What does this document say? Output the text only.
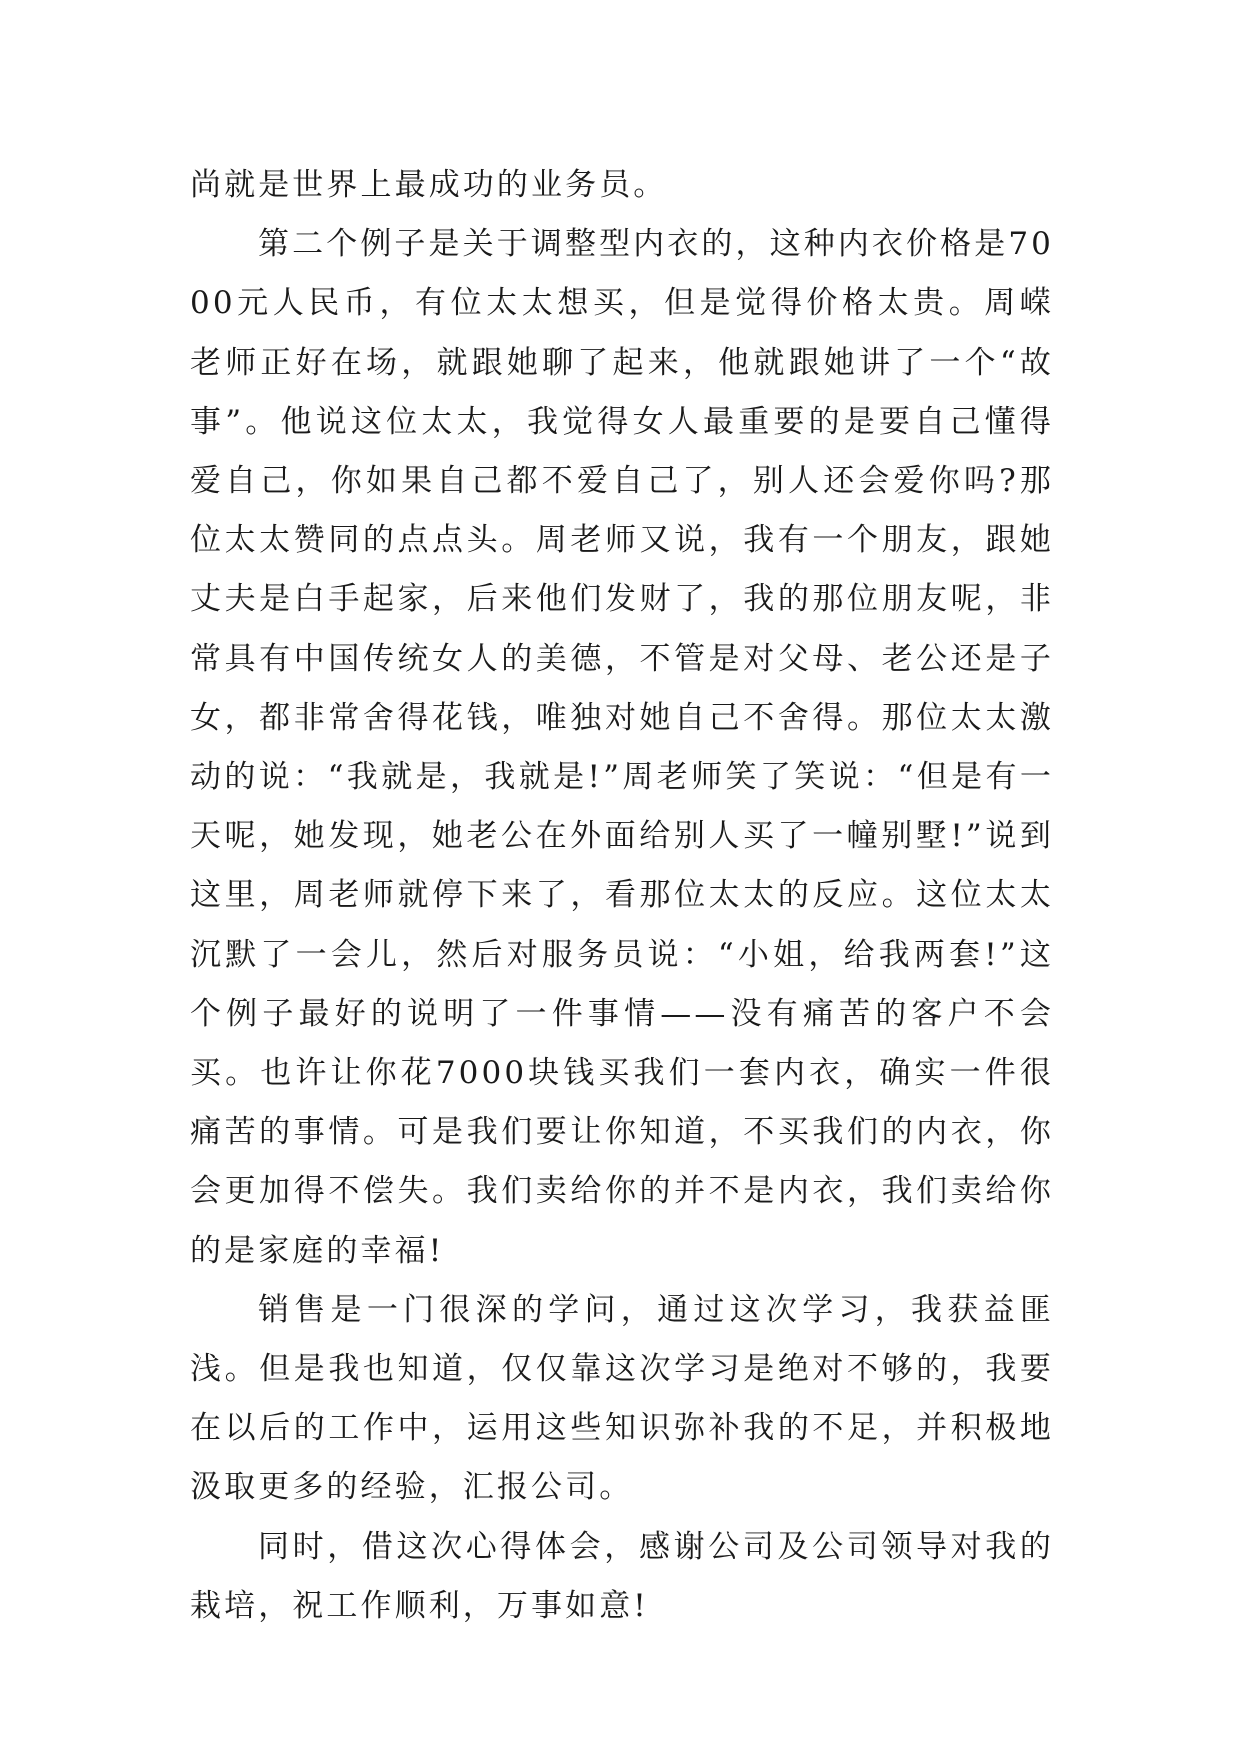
尚就是世界上最成功的业务员。

第二个例子是关于调整型内衣的，这种内衣价格是7000元人民币，有位太太想买，但是觉得价格太贵。周嵘老师正好在场，就跟她聊了起来，他就跟她讲了一个“故事”。他说这位太太，我觉得女人最重要的是要自己懂得爱自己，你如果自己都不爱自己了，别人还会爱你吗?那位太太赞同的点点头。周老师又说，我有一个朋友，跟她丈夫是白手起家，后来他们发财了，我的那位朋友呢，非常具有中国传统女人的美德，不管是对父母、老公还是子女，都非常舍得花钱，唯独对她自己不舍得。那位太太激动的说：“我就是，我就是!”周老师笑了笑说：“但是有一天呢，她发现，她老公在外面给别人买了一幢别墅!”说到这里，周老师就停下来了，看那位太太的反应。这位太太沉默了一会儿，然后对服务员说：“小姐，给我两套!”这个例子最好的说明了一件事情——没有痛苦的客户不会买。也许让你花7000块钱买我们一套内衣，确实一件很痛苦的事情。可是我们要让你知道，不买我们的内衣，你会更加得不偿失。我们卖给你的并不是内衣，我们卖给你的是家庭的幸福!

销售是一门很深的学问，通过这次学习，我获益匪浅。但是我也知道，仅仅靠这次学习是绝对不够的，我要在以后的工作中，运用这些知识弥补我的不足，并积极地汲取更多的经验，汇报公司。

同时，借这次心得体会，感谢公司及公司领导对我的栽培，祝工作顺利，万事如意!
